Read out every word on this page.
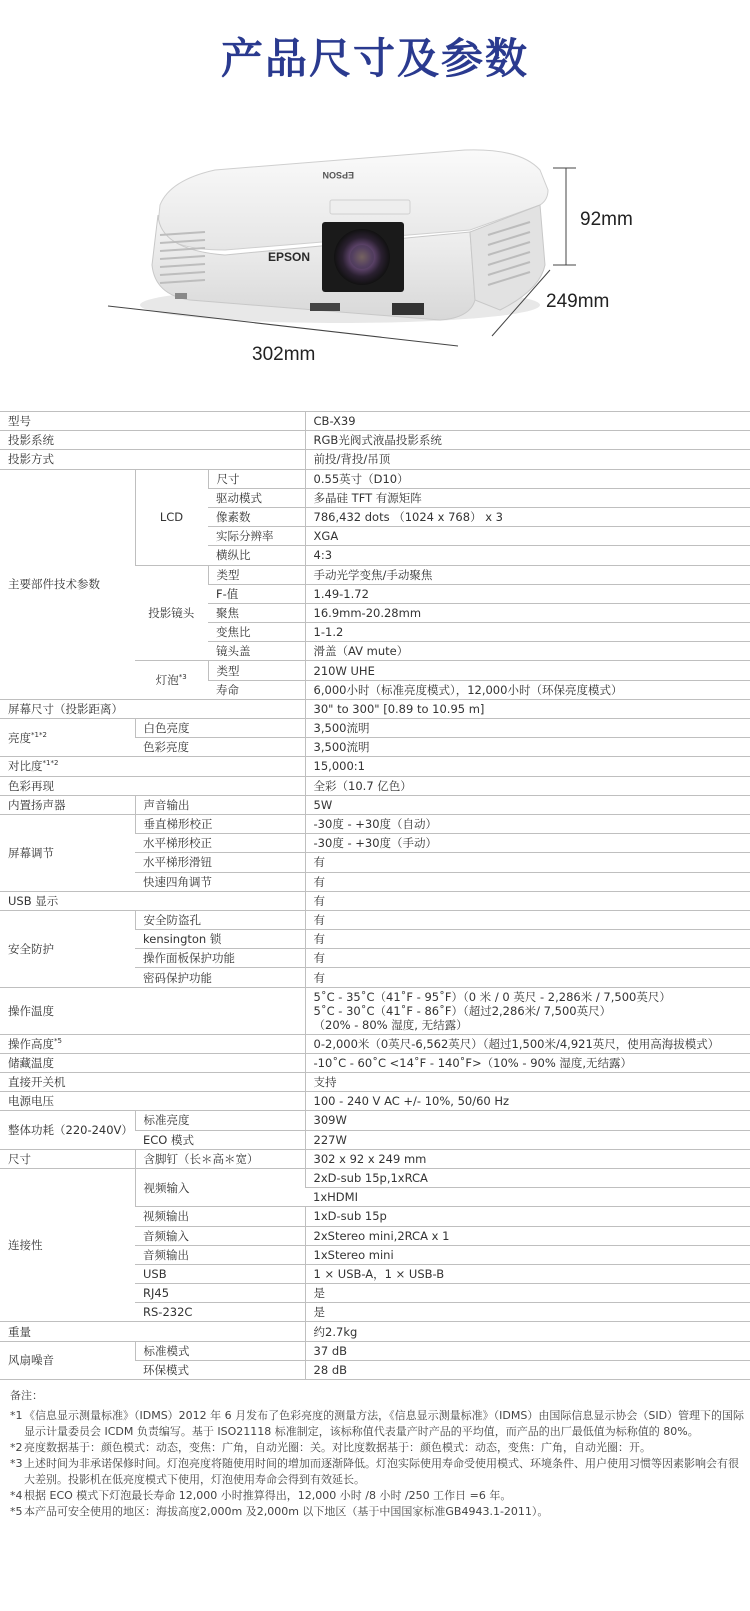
产品尺寸及参数
EPSON
EPSON
92mm
249mm
302mm
型号			CB-X39
投影系统			RGB光阀式液晶投影系统
投影方式			前投/背投/吊顶
主要部件技术参数	LCD	尺寸	0.55英寸（D10）
		驱动模式	多晶硅 TFT 有源矩阵
		像素数	786,432 dots （1024 x 768） x 3
		实际分辨率	XGA
		横纵比	4:3
	投影镜头	类型	手动光学变焦/手动聚焦
		F-值	1.49-1.72
		聚焦	16.9mm-20.28mm
		变焦比	1-1.2
		镜头盖	滑盖（AV mute）
	灯泡$^{*3}$	类型	210W UHE
		寿命	6,000小时（标准亮度模式），12,000小时（环保亮度模式）
屏幕尺寸（投影距离）			30" to 300" [0.89 to 10.95 m]
亮度$^{*1*2}$	白色亮度		3,500流明
	色彩亮度		3,500流明
对比度$^{*1*2}$			15,000:1
色彩再现			全彩（10.7 亿色）
内置扬声器	声音输出		5W
屏幕调节	垂直梯形校正		-30度 - +30度（自动）
	水平梯形校正		-30度 - +30度（手动）
	水平梯形滑钮		有
	快速四角调节		有
USB 显示			有
安全防护	安全防盗孔		有
	kensington 锁		有
	操作面板保护功能		有
	密码保护功能		有
操作温度			5˚C - 35˚C（41˚F - 95˚F）（0 米 / 0 英尺 - 2,286米 / 7,500英尺）
5˚C - 30˚C（41˚F - 86˚F）（超过2,286米/ 7,500英尺）
（20% - 80% 湿度, 无结露）

操作高度$^{*5}$			0-2,000米（0英尺-6,562英尺）（超过1,500米/4,921英尺，使用高海拔模式）
储藏温度			-10˚C - 60˚C <14˚F - 140˚F>（10% - 90% 湿度,无结露）
直接开关机			支持
电源电压			100 - 240 V AC +/- 10%, 50/60 Hz
整体功耗（220-240V）	标准亮度		309W
	ECO 模式		227W
尺寸	含脚钉（长＊高＊宽）		302 x 92 x 249 mm
连接性	视频输入		2xD-sub 15p,1xRCA
			1xHDMI
	视频输出		1xD-sub 15p
	音频输入		2xStereo mini,2RCA x 1
	音频输出		1xStereo mini
	USB		1 × USB-A，1 × USB-B
	RJ45		是
	RS-232C		是
重量			约2.7kg
风扇噪音	标准模式		37 dB
	环保模式		28 dB
备注：
*1 《信息显示测量标准》（IDMS）2012 年 6 月发布了色彩亮度的测量方法，《信息显示测量标准》（IDMS）由国际信息显示协会（SID）管理下的国际显示计量委员会 ICDM 负责编写。基于 ISO21118 标准制定，该标称值代表量产时产品的平均值，而产品的出厂最低值为标称值的 80%。
*2 亮度数据基于：颜色模式：动态，变焦：广角，自动光圈：关。对比度数据基于：颜色模式：动态，变焦：广角，自动光圈：开。
*3 上述时间为非承诺保修时间。灯泡亮度将随使用时间的增加而逐渐降低。灯泡实际使用寿命受使用模式、环境条件、用户使用习惯等因素影响会有很大差别。投影机在低亮度模式下使用，灯泡使用寿命会得到有效延长。
*4 根据 ECO 模式下灯泡最长寿命 12,000 小时推算得出，12,000 小时 /8 小时 /250 工作日 =6 年。
*5 本产品可安全使用的地区：海拔高度2,000m 及2,000m 以下地区（基于中国国家标准GB4943.1-2011）。
